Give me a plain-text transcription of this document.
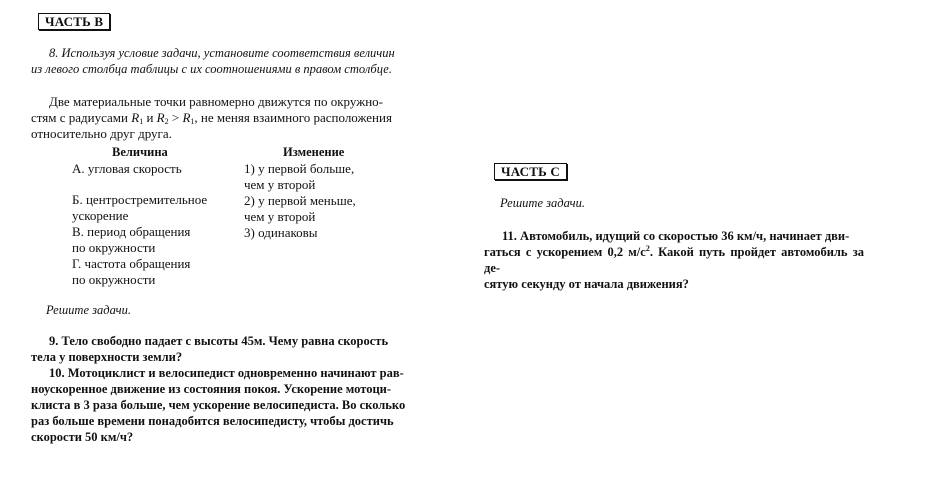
ЧАСТЬ В
8. Используя условие задачи, установите соответствия величин
из левого столбца таблицы с их соотношениями в правом столбце.
Две материальные точки равномерно движутся по окружно-
стям с радиусами $R_1$ и $R_2 > R_1$, не меняя взаимного расположения
относительно друг друга.
Величина	Изменение
А. угловая скорость
Б. центростремительное
ускорение
В. период обращения
по окружности
Г. частота обращения
по окружности
1) у первой больше,
чем у второй
2) у первой меньше,
чем у второй
3) одинаковы
Решите задачи.
9. Тело свободно падает с высоты 45м. Чему равна скорость
тела у поверхности земли?
10. Мотоциклист и велосипедист одновременно начинают рав-
ноускоренное движение из состояния покоя. Ускорение мотоци-
клиста в 3 раза больше, чем ускорение велосипедиста. Во сколько
раз больше времени понадобится велосипедисту, чтобы достичь
скорости 50 км/ч?
ЧАСТЬ С
Решите задачи.
11. Автомобиль, идущий со скоростью 36 км/ч, начинает дви-
гаться с ускорением 0,2 $м/с^2$. Какой путь пройдет автомобиль за де-
сятую секунду от начала движения?
